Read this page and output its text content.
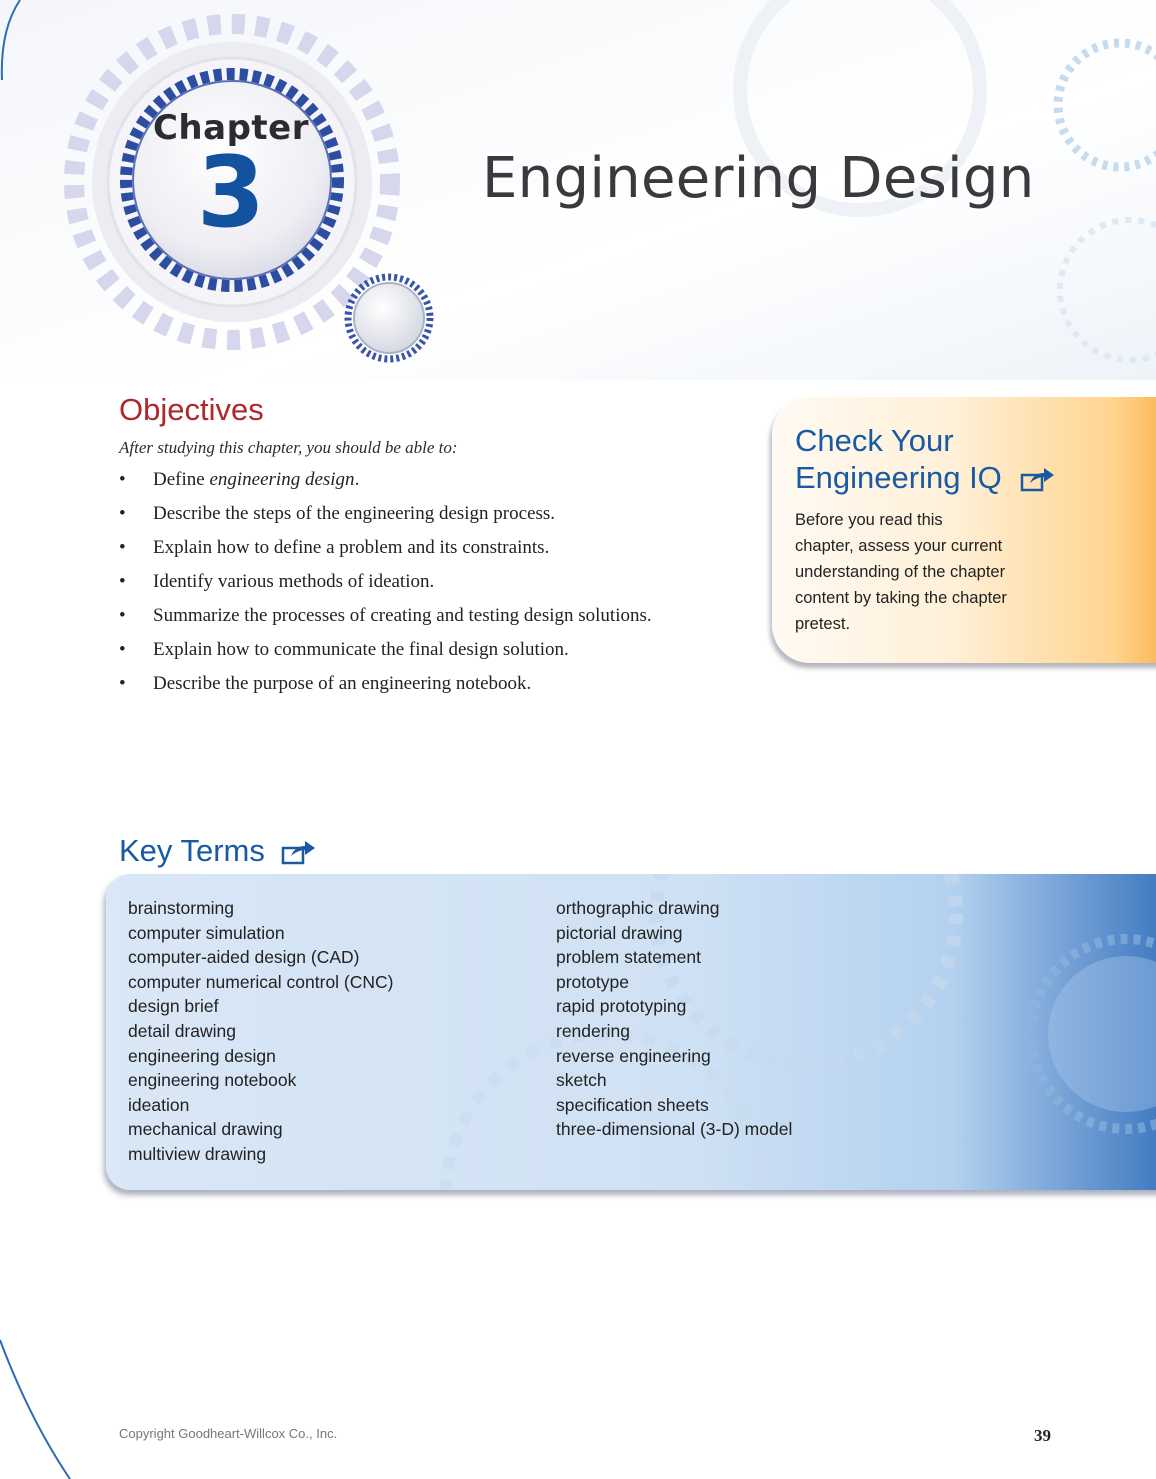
Chapter
3	Engineering Design
Objectives
After studying this chapter, you should be able to:
• Define engineering design.
• Describe the steps of the engineering design process.
• Explain how to define a problem and its constraints.
• Identify various methods of ideation.
• Summarize the processes of creating and testing design solutions.
• Explain how to communicate the final design solution.
• Describe the purpose of an engineering notebook.
Check Your
Engineering IQ
Before you read this
chapter, assess your current
understanding of the chapter
content by taking the chapter
pretest.
Key Terms
brainstorming
computer simulation
computer-aided design (CAD)
computer numerical control (CNC)
design brief
detail drawing
engineering design
engineering notebook
ideation
mechanical drawing
multiview drawing
orthographic drawing
pictorial drawing
problem statement
prototype
rapid prototyping
rendering
reverse engineering
sketch
specification sheets
three-dimensional (3-D) model
Copyright Goodheart-Willcox Co., Inc.	39
